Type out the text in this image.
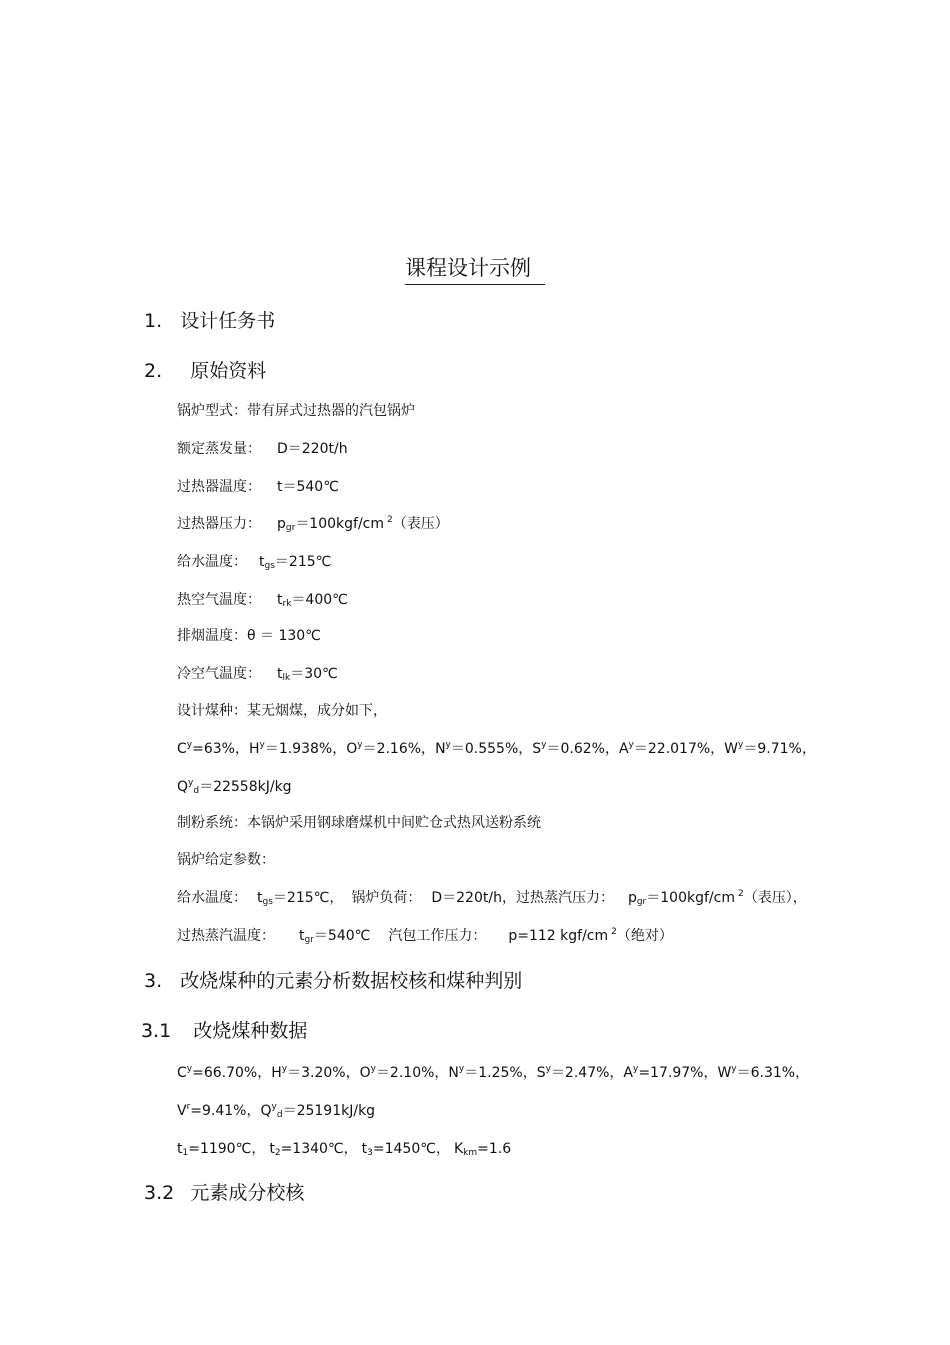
课程设计示例
1. 设计任务书
2. 原始资料
锅炉型式：带有屏式过热器的汽包锅炉
额定蒸发量： D＝220t/h
过热器温度： t＝540℃
过热器压力： $p_{gr}=100kgf/cm$ $^2$（表压）
给水温度： $t_{gs}=215℃$
热空气温度： $t_{rk}=400℃$
排烟温度：θ ＝ 130℃
冷空气温度： $t_{lk}=30℃$
设计煤种：某无烟煤，成分如下，
$C^y=63\%$，$H^y=1.938\%$，$O^y=2.16\%$，$N^y=0.555\%$，$S^y=0.62\%$，$A^y=22.017\%$，$W^y=9.71\%$，
$Q^y_d=22558kJ/kg$
制粉系统：本锅炉采用钢球磨煤机中间贮仓式热风送粉系统
锅炉给定参数：
给水温度： $t_{gs}=215℃$， 锅炉负荷： D＝220t/h，过热蒸汽压力： $p_{gr}=100kgf/cm$ $^2$（表压），
过热蒸汽温度： $t_{gr}=540℃$ 汽包工作压力： p=112 kgf/cm $^2$（绝对）
3. 改烧煤种的元素分析数据校核和煤种判别
3.1 改烧煤种数据
$C^y=66.70\%$，$H^y=3.20\%$，$O^y=2.10\%$，$N^y=1.25\%$，$S^y=2.47\%$，$A^y=17.97\%$，$W^y=6.31\%$，
$V^r=9.41\%$，$Q^y_d=25191kJ/kg$
$t_1=1190℃$， $t_2=1340℃$， $t_3=1450℃$， $K_{km}=1.6$
3.2 元素成分校核
